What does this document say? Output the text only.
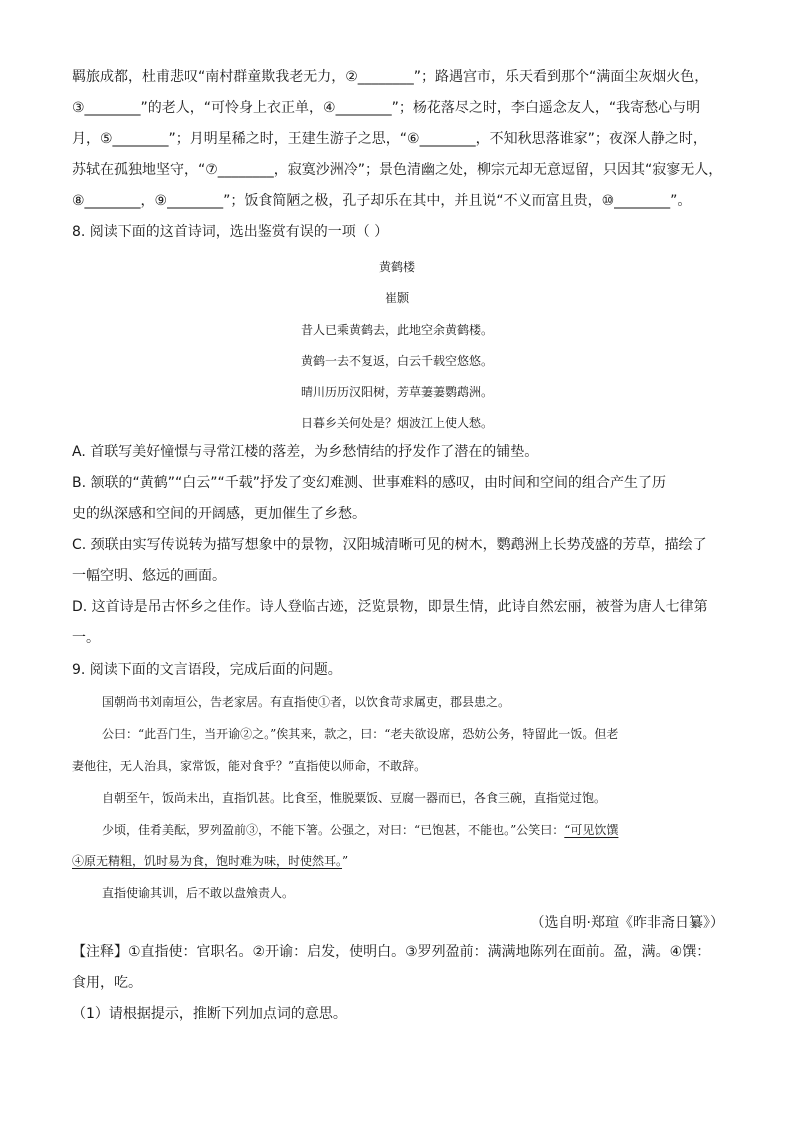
羁旅成都，杜甫悲叹“南村群童欺我老无力，②________”；路遇宫市，乐天看到那个“满面尘灰烟火色，

③________”的老人，“可怜身上衣正单，④________”；杨花落尽之时，李白遥念友人，“我寄愁心与明

月，⑤________”；月明星稀之时，王建生游子之思，“⑥________，不知秋思落谁家”；夜深人静之时，

苏轼在孤独地坚守，“⑦________，寂寞沙洲冷”；景色清幽之处，柳宗元却无意逗留，只因其“寂寥无人，

⑧________，⑨________”；饭食简陋之极，孔子却乐在其中，并且说“不义而富且贵，⑩________”。

8. 阅读下面的这首诗词，选出鉴赏有误的一项（ ）

黄鹤楼

崔颢

昔人已乘黄鹤去，此地空余黄鹤楼。

黄鹤一去不复返，白云千载空悠悠。

晴川历历汉阳树，芳草萋萋鹦鹉洲。

日暮乡关何处是？烟波江上使人愁。

A. 首联写美好憧憬与寻常江楼的落差，为乡愁情结的抒发作了潜在的铺垫。

B. 颔联的“黄鹤”“白云”“千载”抒发了变幻难测、世事难料的感叹，由时间和空间的组合产生了历

史的纵深感和空间的开阔感，更加催生了乡愁。

C. 颈联由实写传说转为描写想象中的景物，汉阳城清晰可见的树木，鹦鹉洲上长势茂盛的芳草，描绘了

一幅空明、悠远的画面。

D. 这首诗是吊古怀乡之佳作。诗人登临古迹，泛览景物，即景生情，此诗自然宏丽，被誉为唐人七律第

一。

9. 阅读下面的文言语段，完成后面的问题。

国朝尚书刘南垣公，告老家居。有直指使①者，以饮食苛求属吏，郡县患之。

公曰：“此吾门生，当开谕②之。”俟其来，款之，曰：“老夫欲设席，恐妨公务，特留此一饭。但老

妻他往，无人治具，家常饭，能对食乎？”直指使以师命，不敢辞。

自朝至午，饭尚未出，直指饥甚。比食至，惟脱粟饭、豆腐一器而已，各食三碗，直指觉过饱。

少顷，佳肴美酝，罗列盈前③，不能下箸。公强之，对曰：“已饱甚，不能也。”公笑曰：“可见饮馔

④原无精粗，饥时易为食，饱时难为味，时使然耳。”

直指使谕其训，后不敢以盘飧责人。

（选自明·郑瑄《昨非斋日纂》）

【注释】①直指使：官职名。②开谕：启发，使明白。③罗列盈前：满满地陈列在面前。盈，满。④馔：

食用，吃。

（1）请根据提示，推断下列加点词的意思。
